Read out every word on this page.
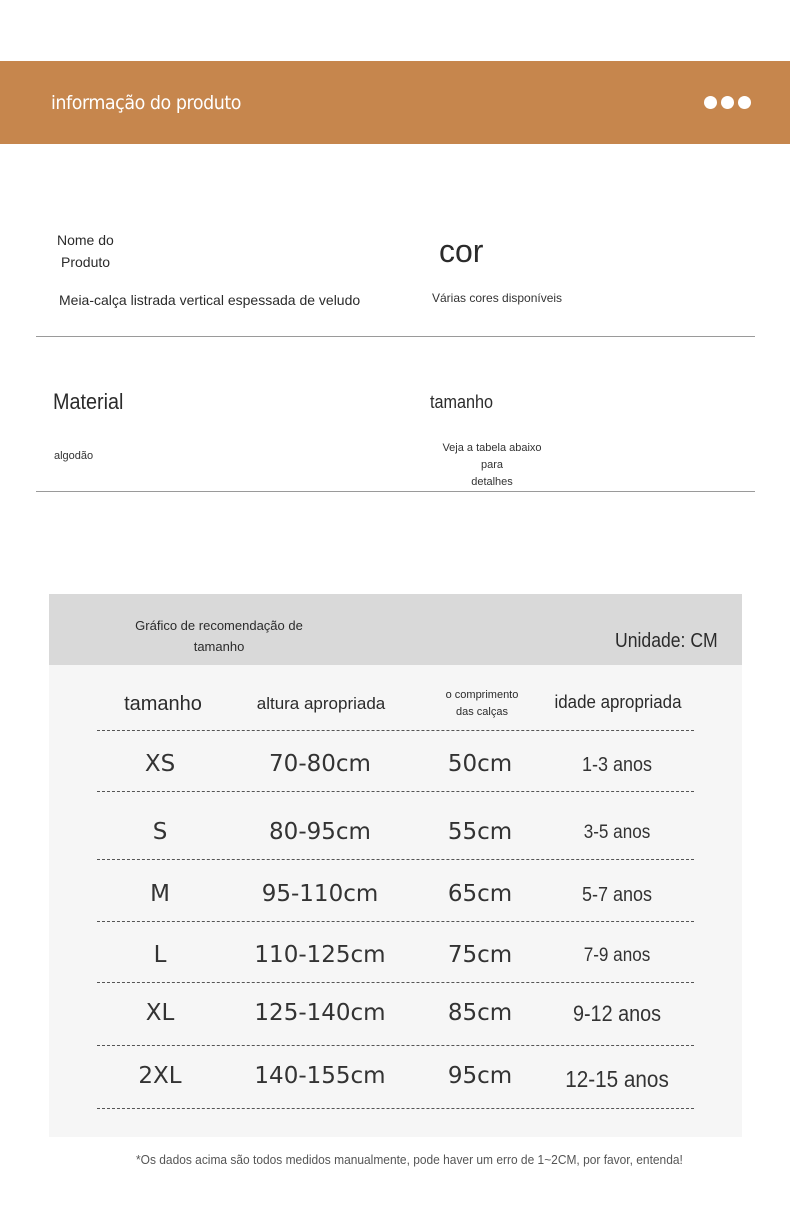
informação do produto
Nome do
Produto
Meia-calça listrada vertical espessada de veludo
cor
Várias cores disponíveis
Material
algodão
tamanho
Veja a tabela abaixo para
detalhes
Gráfico de recomendação de
tamanho	Unidade: CM
tamanho	altura apropriada	o comprimento
das calças	idade apropriada
XS	70-80cm	50cm	1-3 anos
S	80-95cm	55cm	3-5 anos
M	95-110cm	65cm	5-7 anos
L	110-125cm	75cm	7-9 anos
XL	125-140cm	85cm	9-12 anos
2XL	140-155cm	95cm	12-15 anos
*Os dados acima são todos medidos manualmente, pode haver um erro de 1~2CM, por favor, entenda!
